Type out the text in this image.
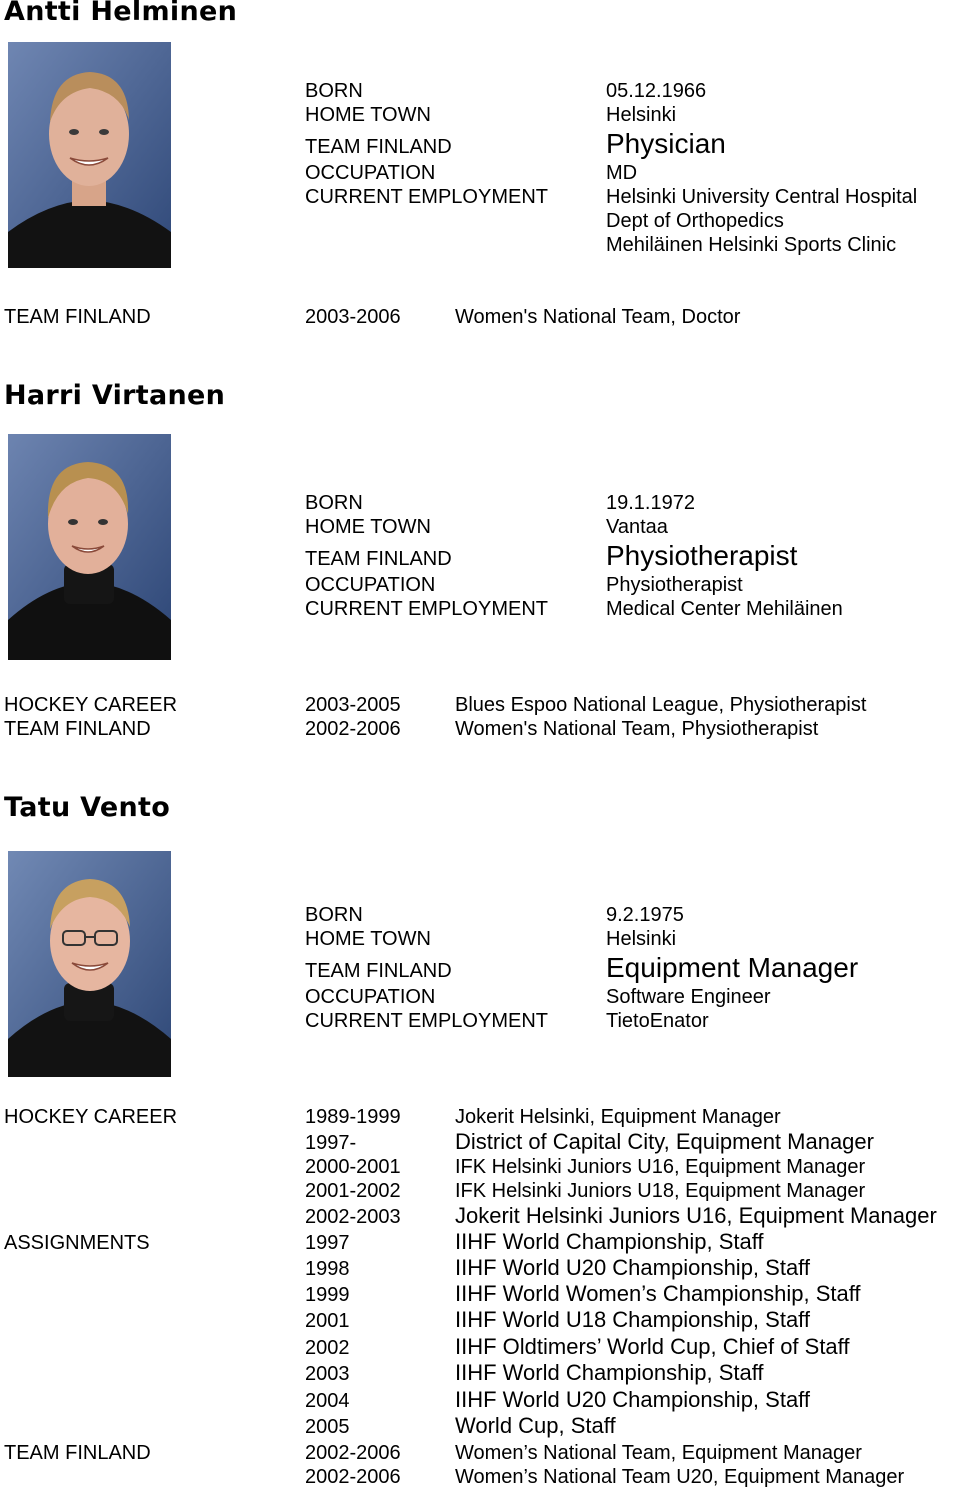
Antti Helminen
BORN	05.12.1966
HOME TOWN	Helsinki
TEAM FINLAND	Physician
OCCUPATION	MD
CURRENT EMPLOYMENT	Helsinki University Central Hospital
Dept of Orthopedics
Mehiläinen Helsinki Sports Clinic
TEAM FINLAND	2003-2006	Women's National Team, Doctor
Harri Virtanen
BORN	19.1.1972
HOME TOWN	Vantaa
TEAM FINLAND	Physiotherapist
OCCUPATION	Physiotherapist
CURRENT EMPLOYMENT	Medical Center Mehiläinen
HOCKEY CAREER	2003-2005	Blues Espoo National League, Physiotherapist
TEAM FINLAND	2002-2006	Women's National Team, Physiotherapist
Tatu Vento
BORN	9.2.1975
HOME TOWN	Helsinki
TEAM FINLAND	Equipment Manager
OCCUPATION	Software Engineer
CURRENT EMPLOYMENT	TietoEnator
HOCKEY CAREER	1989-1999	Jokerit Helsinki, Equipment Manager
1997-	District of Capital City, Equipment Manager
2000-2001	IFK Helsinki Juniors U16, Equipment Manager
2001-2002	IFK Helsinki Juniors U18, Equipment Manager
2002-2003 Jokerit Helsinki Juniors U16, Equipment Manager
ASSIGNMENTS	1997	IIHF World Championship, Staff
1998	IIHF World U20 Championship, Staff
1999	IIHF World Women’s Championship, Staff
2001	IIHF World U18 Championship, Staff
2002	IIHF Oldtimers’ World Cup, Chief of Staff
2003	IIHF World Championship, Staff
2004	IIHF World U20 Championship, Staff
2005	World Cup, Staff
TEAM FINLAND	2002-2006	Women’s National Team, Equipment Manager
2002-2006	Women’s National Team U20, Equipment Manager
